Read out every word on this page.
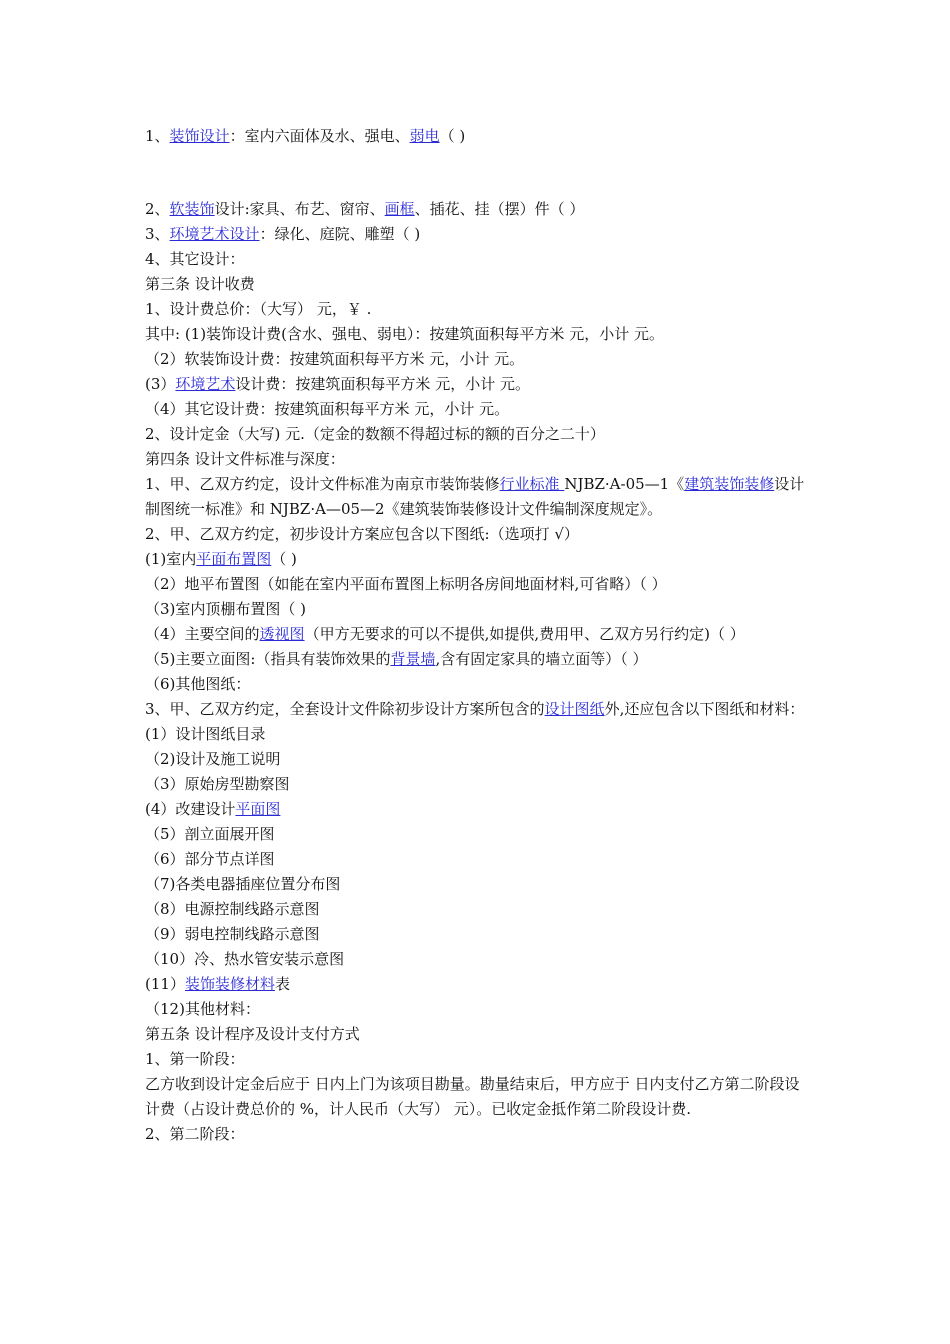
1、装饰设计：室内六面体及水、强电、弱电（ )
2、软装饰设计:家具、布艺、窗帘、画框、插花、挂（摆）件（ ）
3、环境艺术设计：绿化、庭院、雕塑（ )
4、其它设计：
第三条 设计收费
1、设计费总价：（大写） 元，￥ .
其中: (1)装饰设计费(含水、强电、弱电）：按建筑面积每平方米 元，小计 元。
（2）软装饰设计费：按建筑面积每平方米 元，小计 元。
(3）环境艺术设计费：按建筑面积每平方米 元，小计 元。
（4）其它设计费：按建筑面积每平方米 元，小计 元。
2、设计定金（大写) 元.（定金的数额不得超过标的额的百分之二十）
第四条 设计文件标准与深度：
1、甲、乙双方约定，设计文件标准为南京市装饰装修行业标准 NJBZ·A-05—1《建筑装饰装修设计制图统一标准》和 NJBZ·A—05—2《建筑装饰装修设计文件编制深度规定》。
2、甲、乙双方约定，初步设计方案应包含以下图纸:（选项打 √）
(1)室内平面布置图（ )
（2）地平布置图（如能在室内平面布置图上标明各房间地面材料,可省略）（ ）
（3)室内顶棚布置图（ )
（4）主要空间的透视图（甲方无要求的可以不提供,如提供,费用甲、乙双方另行约定)（ ）
（5)主要立面图:（指具有装饰效果的背景墙,含有固定家具的墙立面等）（ ）
（6)其他图纸：
3、甲、乙双方约定，全套设计文件除初步设计方案所包含的设计图纸外,还应包含以下图纸和材料：
(1）设计图纸目录
（2)设计及施工说明
（3）原始房型勘察图
(4）改建设计平面图
（5）剖立面展开图
（6）部分节点详图
（7)各类电器插座位置分布图
（8）电源控制线路示意图
（9）弱电控制线路示意图
（10）冷、热水管安装示意图
(11）装饰装修材料表
（12)其他材料：
第五条 设计程序及设计支付方式
1、第一阶段：
乙方收到设计定金后应于 日内上门为该项目勘量。勘量结束后，甲方应于 日内支付乙方第二阶段设计费（占设计费总价的 %，计人民币（大写） 元）。已收定金抵作第二阶段设计费.
2、第二阶段：
